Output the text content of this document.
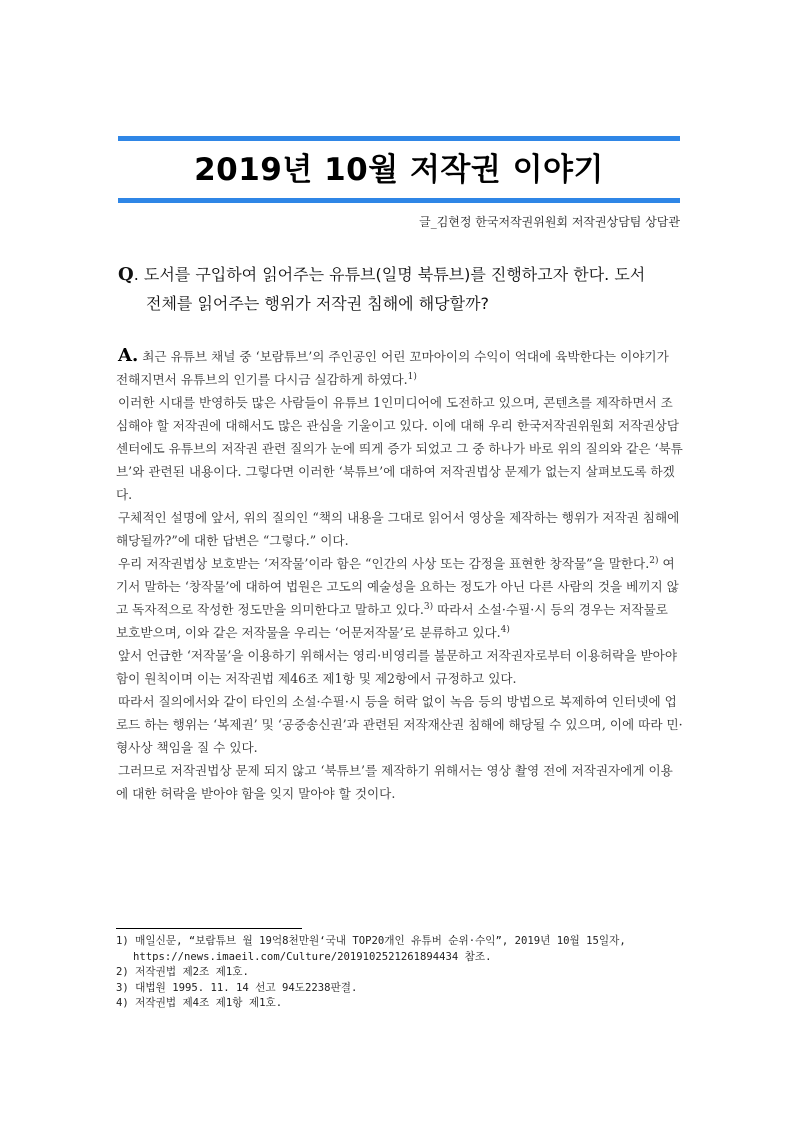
2019년 10월 저작권 이야기
글_김현정 한국저작권위원회 저작권상담팀 상담관
Q. 도서를 구입하여 읽어주는 유튜브(일명 북튜브)를 진행하고자 한다. 도서
전체를 읽어주는 행위가 저작권 침해에 해당할까?

A. 최근 유튜브 채널 중 ‘보람튜브’의 주인공인 어린 꼬마아이의 수익이 억대에 육박한다는 이야기가 전해지면서 유튜브의 인기를 다시금 실감하게 하였다.$^{1)}$

이러한 시대를 반영하듯 많은 사람들이 유튜브 1인미디어에 도전하고 있으며, 콘텐츠를 제작하면서 조심해야 할 저작권에 대해서도 많은 관심을 기울이고 있다. 이에 대해 우리 한국저작권위원회 저작권상담센터에도 유튜브의 저작권 관련 질의가 눈에 띄게 증가 되었고 그 중 하나가 바로 위의 질의와 같은 ‘북튜브’와 관련된 내용이다. 그렇다면 이러한 ‘북튜브’에 대하여 저작권법상 문제가 없는지 살펴보도록 하겠다.

구체적인 설명에 앞서, 위의 질의인 “책의 내용을 그대로 읽어서 영상을 제작하는 행위가 저작권 침해에 해당될까?”에 대한 답변은 “그렇다.” 이다.

우리 저작권법상 보호받는 ‘저작물’이라 함은 “인간의 사상 또는 감정을 표현한 창작물”을 말한다.$^{2)}$ 여기서 말하는 ‘창작물’에 대하여 법원은 고도의 예술성을 요하는 정도가 아닌 다른 사람의 것을 베끼지 않고 독자적으로 작성한 정도만을 의미한다고 말하고 있다.$^{3)}$ 따라서 소설·수필·시 등의 경우는 저작물로 보호받으며, 이와 같은 저작물을 우리는 ‘어문저작물’로 분류하고 있다.$^{4)}$

앞서 언급한 ‘저작물’을 이용하기 위해서는 영리·비영리를 불문하고 저작권자로부터 이용허락을 받아야 함이 원칙이며 이는 저작권법 제46조 제1항 및 제2항에서 규정하고 있다.

따라서 질의에서와 같이 타인의 소설·수필·시 등을 허락 없이 녹음 등의 방법으로 복제하여 인터넷에 업로드 하는 행위는 ‘복제권’ 및 ‘공중송신권’과 관련된 저작재산권 침해에 해당될 수 있으며, 이에 따라 민·형사상 책임을 질 수 있다.

그러므로 저작권법상 문제 되지 않고 ‘북튜브’를 제작하기 위해서는 영상 촬영 전에 저작권자에게 이용에 대한 허락을 받아야 함을 잊지 말아야 할 것이다.

1) 매일신문, “보람튜브 월 19억8천만원‘국내 TOP20개인 유튜버 순위·수익”, 2019년 10월 15일자,
https://news.imaeil.com/Culture/2019102521261894434 참조.
2) 저작권법 제2조 제1호.
3) 대법원 1995. 11. 14 선고 94도2238판결.
4) 저작권법 제4조 제1항 제1호.
